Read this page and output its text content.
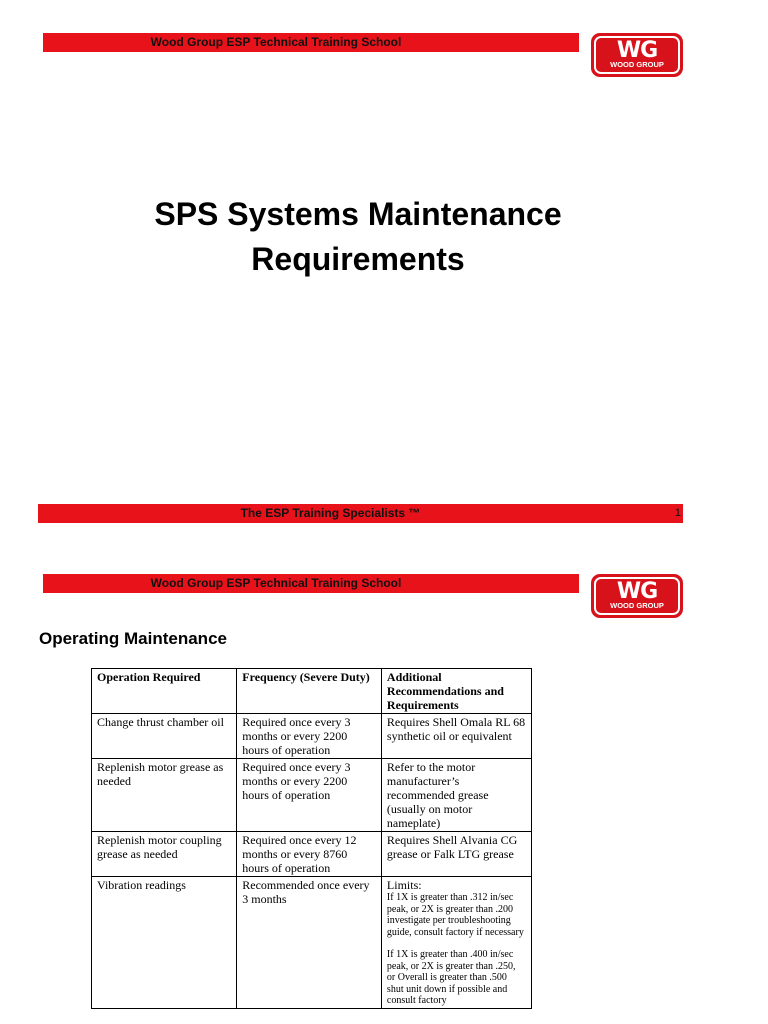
Wood Group ESP Technical Training School	WG
WOOD GROUP
SPS Systems Maintenance
Requirements
The ESP Training Specialists ™	1
Wood Group ESP Technical Training School	WG
WOOD GROUP
Operating Maintenance
Operation Required	Frequency (Severe Duty)	Additional Recommendations and Requirements
Change thrust chamber oil	Required once every 3 months or every 2200 hours of operation	Requires Shell Omala RL 68 synthetic oil or equivalent
Replenish motor grease as needed	Required once every 3 months or every 2200 hours of operation	Refer to the motor manufacturer’s recommended grease (usually on motor nameplate)
Replenish motor coupling grease as needed	Required once every 12 months or every 8760 hours of operation	Requires Shell Alvania CG grease or Falk LTG grease
Vibration readings	Recommended once every 3 months	Limits:

If 1X is greater than .312 in/sec peak, or 2X is greater than .200 investigate per troubleshooting guide, consult factory if necessary

If 1X is greater than .400 in/sec peak, or 2X is greater than .250, or Overall is greater than .500 shut unit down if possible and consult factory
